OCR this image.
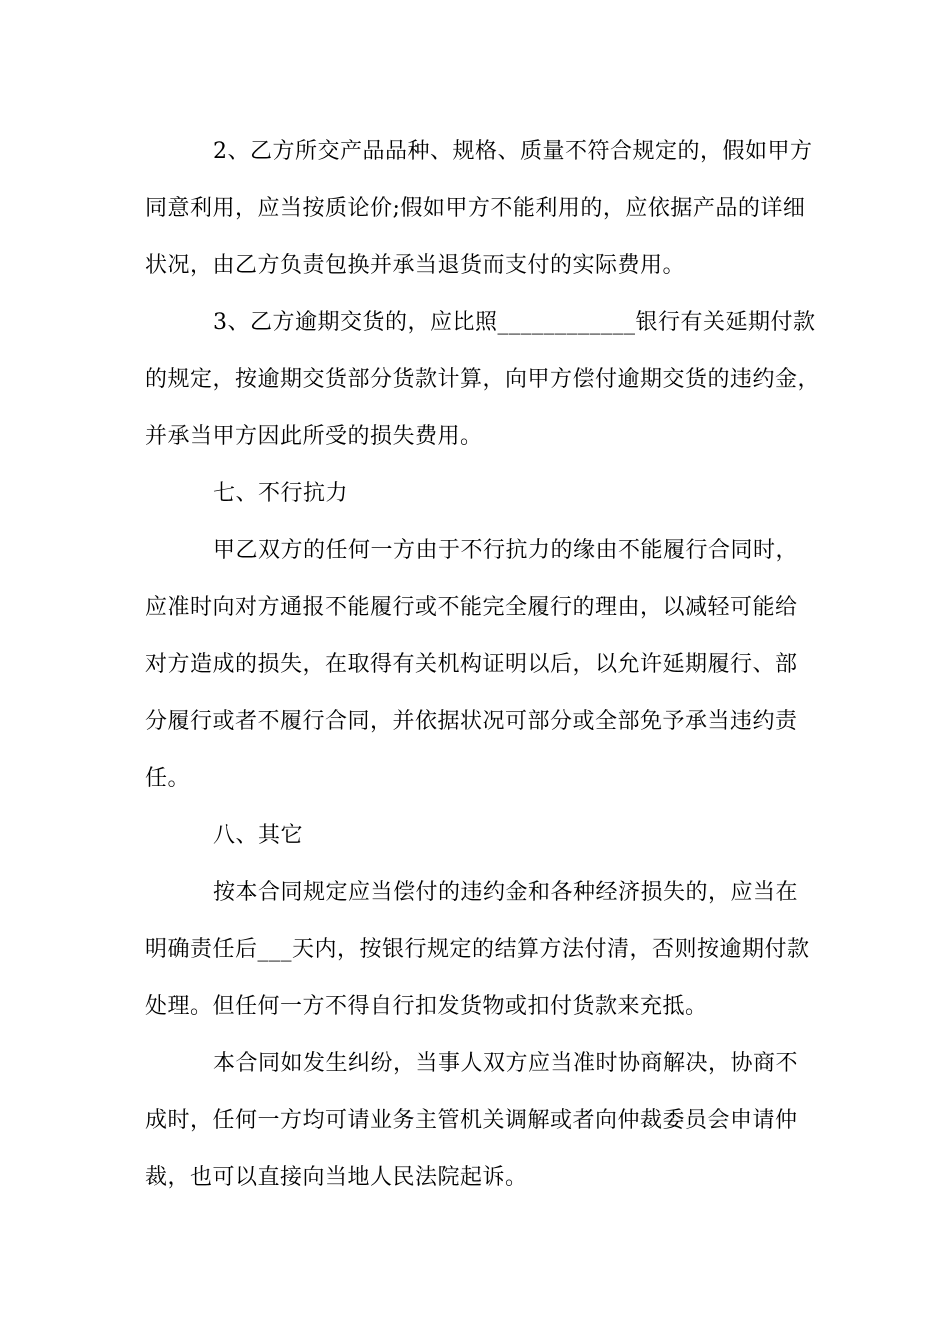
2、乙方所交产品品种、规格、质量不符合规定的，假如甲方
同意利用，应当按质论价;假如甲方不能利用的，应依据产品的详细
状况，由乙方负责包换并承当退货而支付的实际费用。
3、乙方逾期交货的，应比照____________银行有关延期付款
的规定，按逾期交货部分货款计算，向甲方偿付逾期交货的违约金，
并承当甲方因此所受的损失费用。
七、不行抗力
甲乙双方的任何一方由于不行抗力的缘由不能履行合同时，
应准时向对方通报不能履行或不能完全履行的理由，以减轻可能给
对方造成的损失，在取得有关机构证明以后，以允许延期履行、部
分履行或者不履行合同，并依据状况可部分或全部免予承当违约责
任。
八、其它
按本合同规定应当偿付的违约金和各种经济损失的，应当在
明确责任后___天内，按银行规定的结算方法付清，否则按逾期付款
处理。但任何一方不得自行扣发货物或扣付货款来充抵。
本合同如发生纠纷，当事人双方应当准时协商解决，协商不
成时，任何一方均可请业务主管机关调解或者向仲裁委员会申请仲
裁，也可以直接向当地人民法院起诉。
